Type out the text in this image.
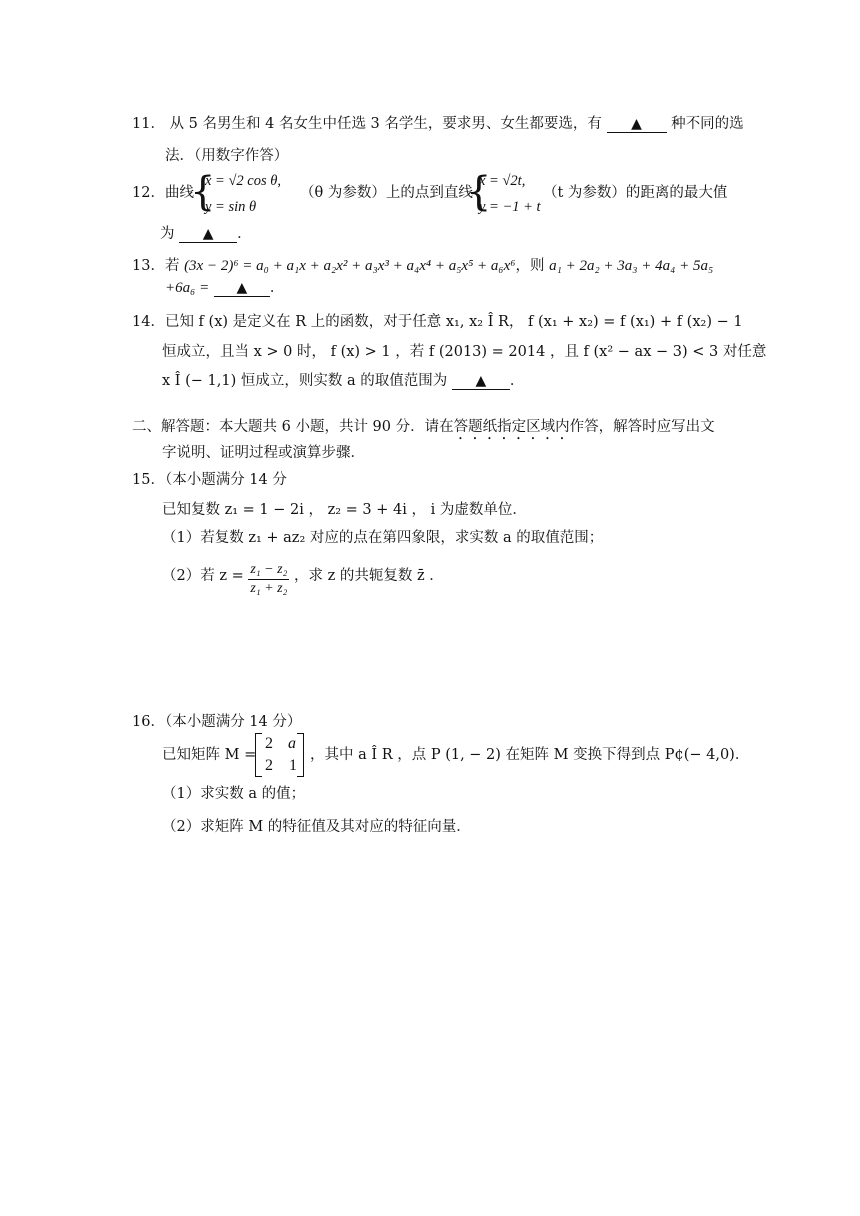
11． 从 5 名男生和 4 名女生中任选 3 名学生，要求男、女生都要选，有 ▲ 种不同的选
法．（用数字作答）
12．曲线
{
x = √2 cos θ,
y = sin θ
（θ 为参数）上的点到直线
{
x = √2t,
y = −1 + t
（t 为参数）的距离的最大值
为 ▲ ．
13．若 (3x − 2)⁶ = a₀ + a₁x + a₂x² + a₃x³ + a₄x⁴ + a₅x⁵ + a₆x⁶，则 a₁ + 2a₂ + 3a₃ + 4a₄ + 5a₅
+6a₆ = ▲ ．
14．已知 f (x) 是定义在 R 上的函数，对于任意 x₁, x₂ Î R， f (x₁ + x₂) = f (x₁) + f (x₂) − 1
恒成立，且当 x > 0 时， f (x) > 1 ，若 f (2013) = 2014 ，且 f (x² − ax − 3) < 3 对任意
x Î (− 1,1) 恒成立，则实数 a 的取值范围为 ▲ ．
二、解答题：本大题共 6 小题，共计 90 分．请在答题纸指定区域内作答，解答时应写出文
字说明、证明过程或演算步骤．
15．（本小题满分 14 分
已知复数 z₁ = 1 − 2i ， z₂ = 3 + 4i ， i 为虚数单位．
（1）若复数 z₁ + az₂ 对应的点在第四象限，求实数 a 的取值范围；
（2）若 $z = \frac{\text{z₁ − z₂}}{\text{z₁ + z₂}}$ ，求 z 的共轭复数 z̄ ．
16．（本小题满分 14 分）
已知矩阵 M =
2 a
2 1
，其中 a Î R ，点 P (1, − 2) 在矩阵 M 变换下得到点 P¢(− 4,0)．
（1）求实数 a 的值；
（2）求矩阵 M 的特征值及其对应的特征向量．
